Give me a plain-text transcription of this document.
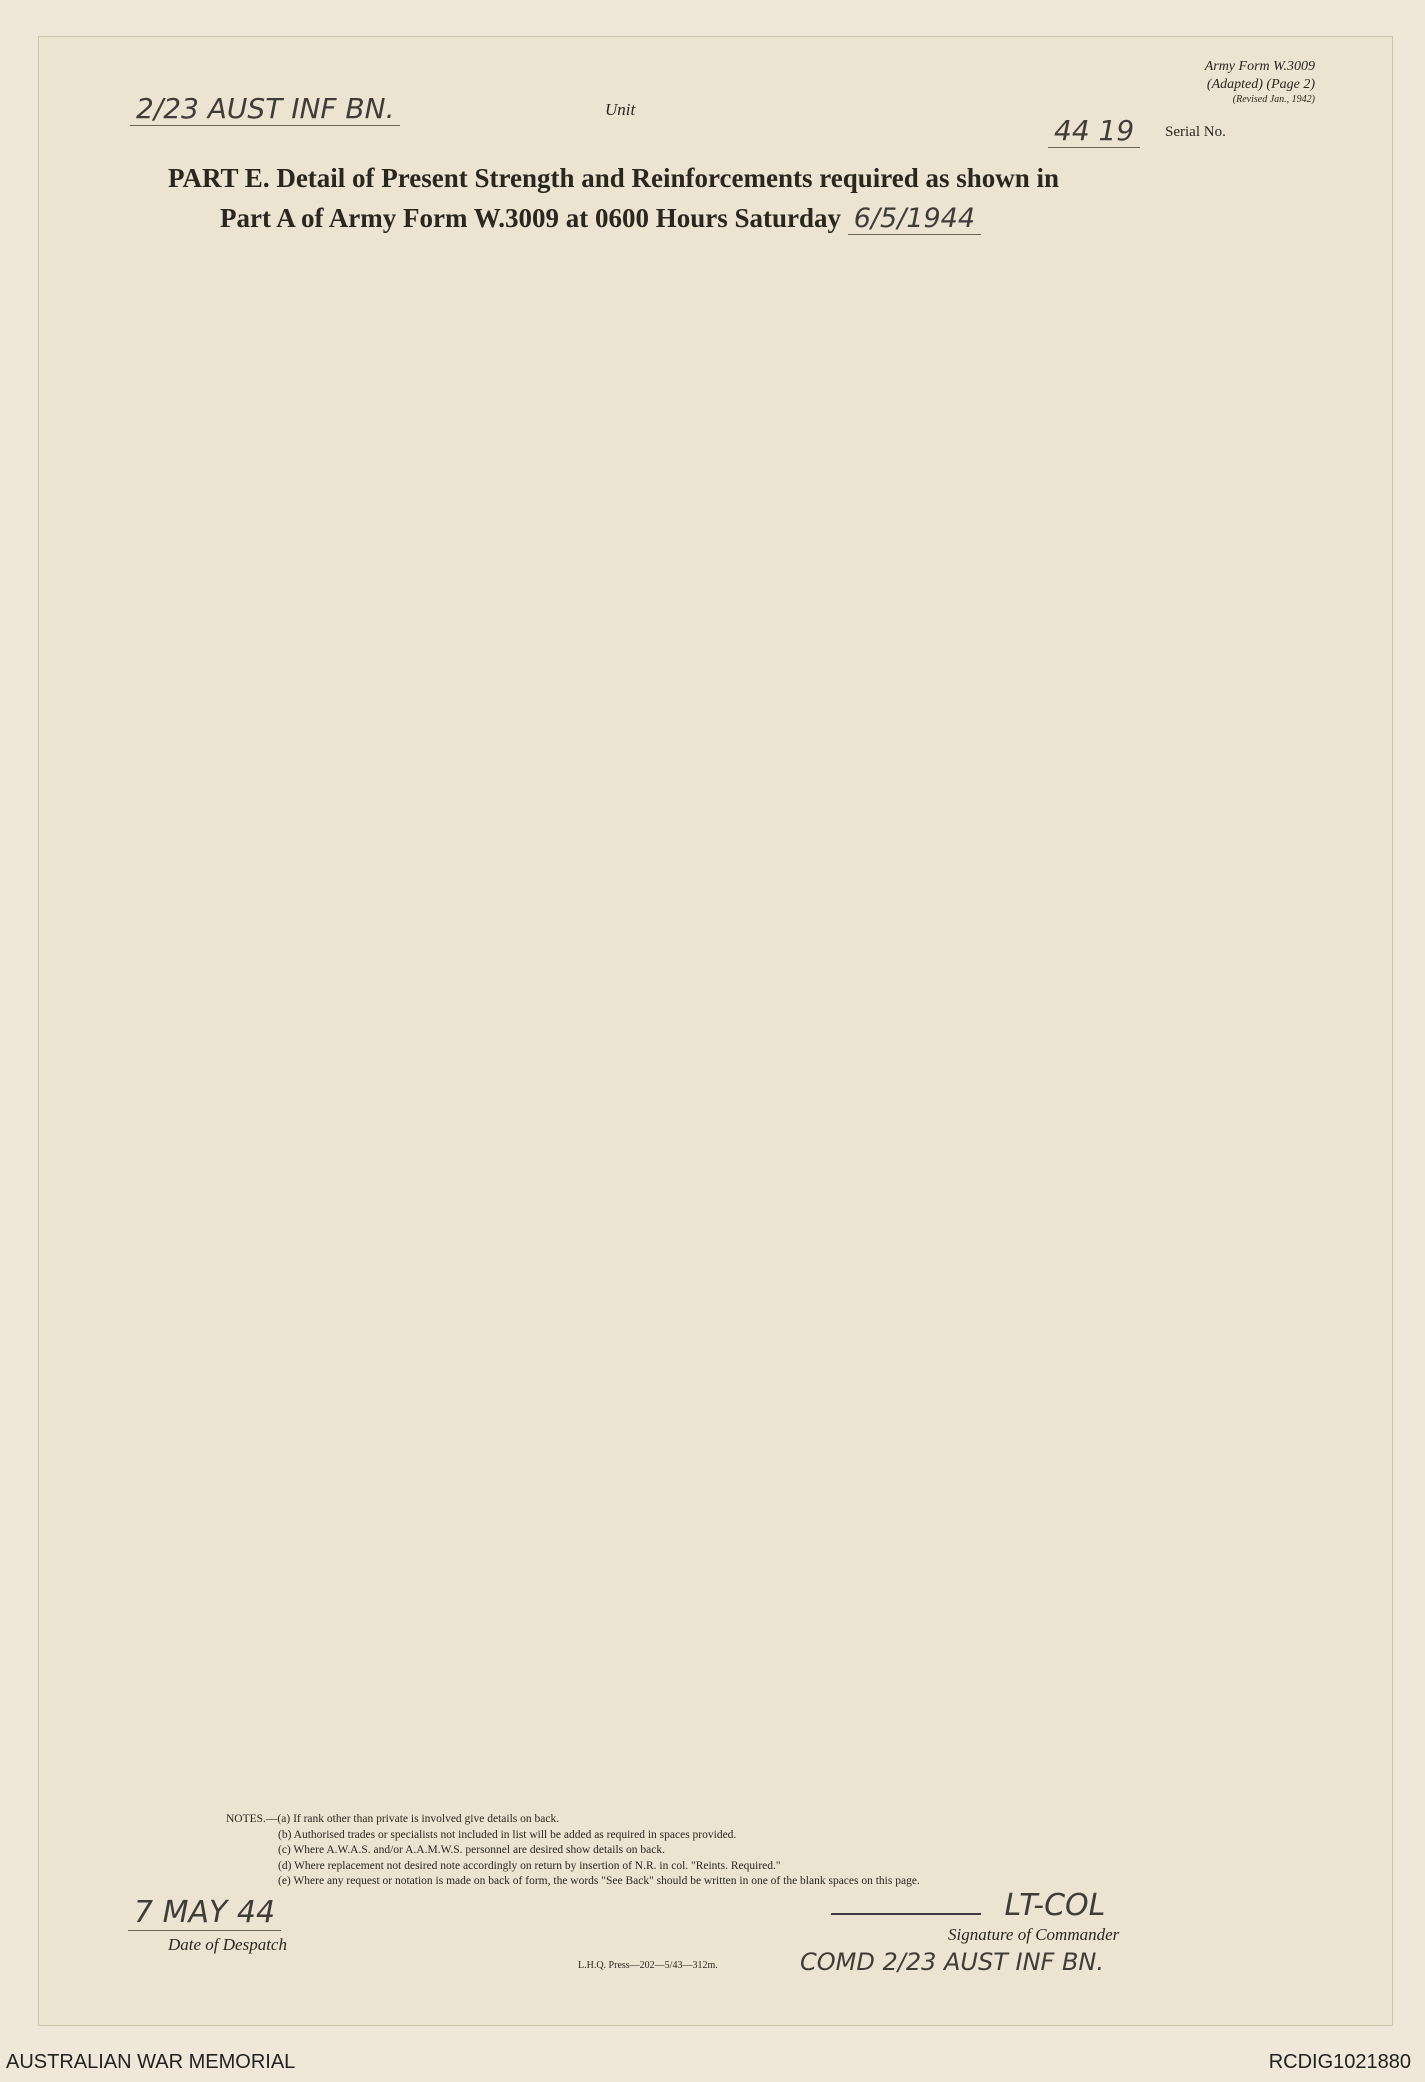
Army Form W.3009
(Adapted) (Page 2)
(Revised Jan., 1942)
2/23 AUST INF BN.	Unit
44 19	Serial No.
PART E. Detail of Present Strength and Reinforcements required as shown in
Part A of Army Form W.3009 at 0600 Hours Saturday 6/5/1944
NOTES.—(a) If rank other than private is involved give details on back.
(b) Authorised trades or specialists not included in list will be added as required in spaces provided.
(c) Where A.W.A.S. and/or A.A.M.W.S. personnel are desired show details on back.
(d) Where replacement not desired note accordingly on return by insertion of N.R. in col. "Reints. Required."
(e) Where any request or notation is made on back of form, the words "See Back" should be written in one of the blank spaces on this page.
7 MAY 44
Date of Despatch
LT-COL
Signature of Commander
COMD 2/23 AUST INF BN.
L.H.Q. Press—202—5/43—312m.
AUSTRALIAN WAR MEMORIAL	RCDIG1021880
